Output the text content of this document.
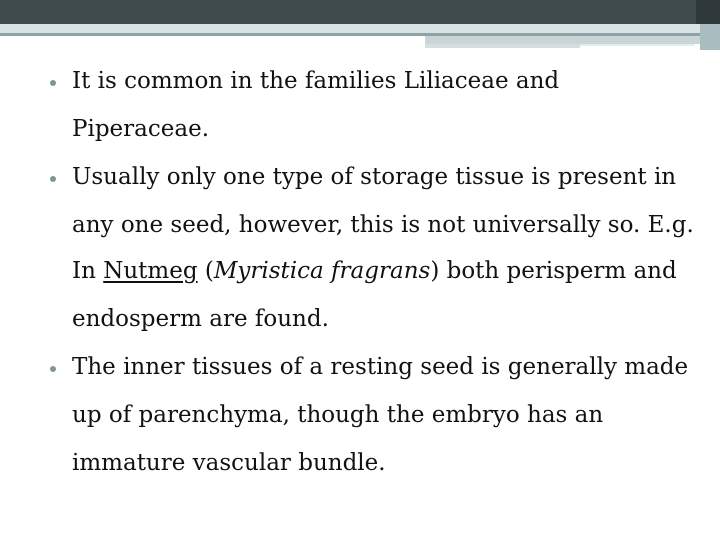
It is common in the families Liliaceae and
Piperaceae.
Usually only one type of storage tissue is present in
any one seed, however, this is not universally so. E.g.
In Nutmeg (Myristica fragrans) both perisperm and
endosperm are found.
The inner tissues of a resting seed is generally made
up of parenchyma, though the embryo has an
immature vascular bundle.
